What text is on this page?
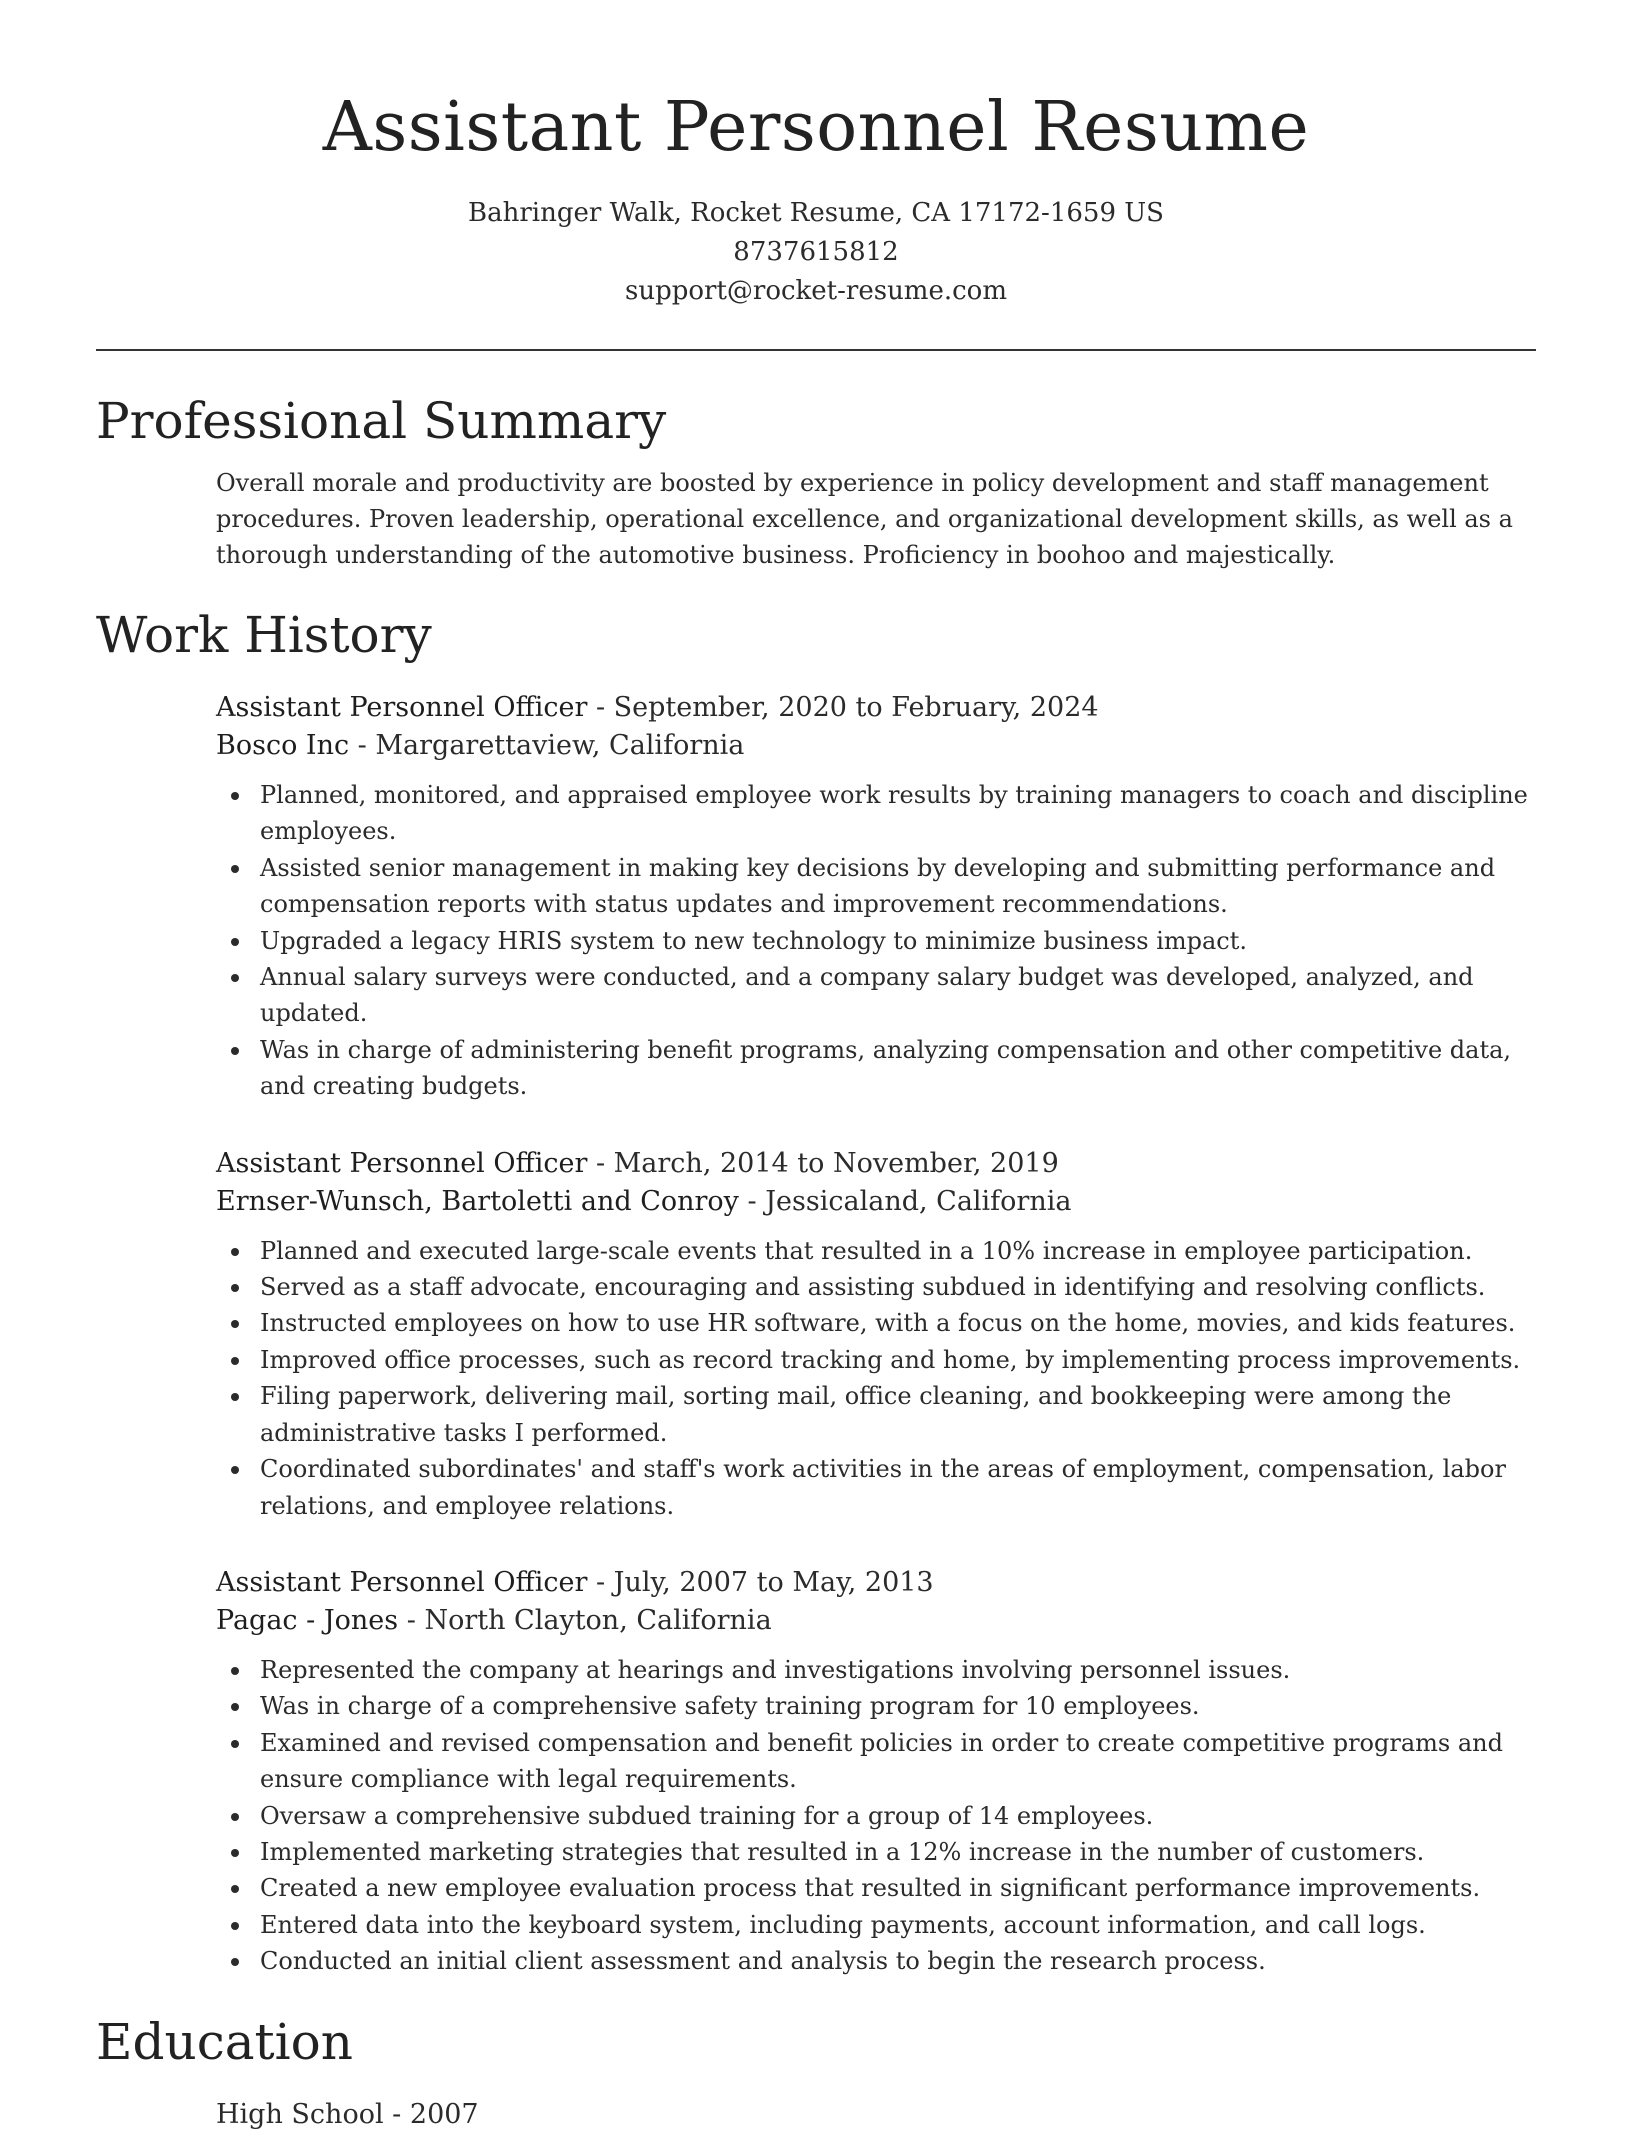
Assistant Personnel Resume
Bahringer Walk, Rocket Resume, CA 17172-1659 US
8737615812
support@rocket-resume.com
Professional Summary

Overall morale and productivity are boosted by experience in policy development and staff management procedures. Proven leadership, operational excellence, and organizational development skills, as well as a thorough understanding of the automotive business. Proficiency in boohoo and majestically.

Work History
Assistant Personnel Officer - September, 2020 to February, 2024
Bosco Inc - Margarettaview, California
Planned, monitored, and appraised employee work results by training managers to coach and discipline employees.
Assisted senior management in making key decisions by developing and submitting performance and compensation reports with status updates and improvement recommendations.
Upgraded a legacy HRIS system to new technology to minimize business impact.
Annual salary surveys were conducted, and a company salary budget was developed, analyzed, and updated.
Was in charge of administering benefit programs, analyzing compensation and other competitive data, and creating budgets.
Assistant Personnel Officer - March, 2014 to November, 2019
Ernser-Wunsch, Bartoletti and Conroy - Jessicaland, California
Planned and executed large-scale events that resulted in a 10% increase in employee participation.
Served as a staff advocate, encouraging and assisting subdued in identifying and resolving conflicts.
Instructed employees on how to use HR software, with a focus on the home, movies, and kids features.
Improved office processes, such as record tracking and home, by implementing process improvements.
Filing paperwork, delivering mail, sorting mail, office cleaning, and bookkeeping were among the administrative tasks I performed.
Coordinated subordinates' and staff's work activities in the areas of employment, compensation, labor relations, and employee relations.
Assistant Personnel Officer - July, 2007 to May, 2013
Pagac - Jones - North Clayton, California
Represented the company at hearings and investigations involving personnel issues.
Was in charge of a comprehensive safety training program for 10 employees.
Examined and revised compensation and benefit policies in order to create competitive programs and ensure compliance with legal requirements.
Oversaw a comprehensive subdued training for a group of 14 employees.
Implemented marketing strategies that resulted in a 12% increase in the number of customers.
Created a new employee evaluation process that resulted in significant performance improvements.
Entered data into the keyboard system, including payments, account information, and call logs.
Conducted an initial client assessment and analysis to begin the research process.
Education
High School - 2007
